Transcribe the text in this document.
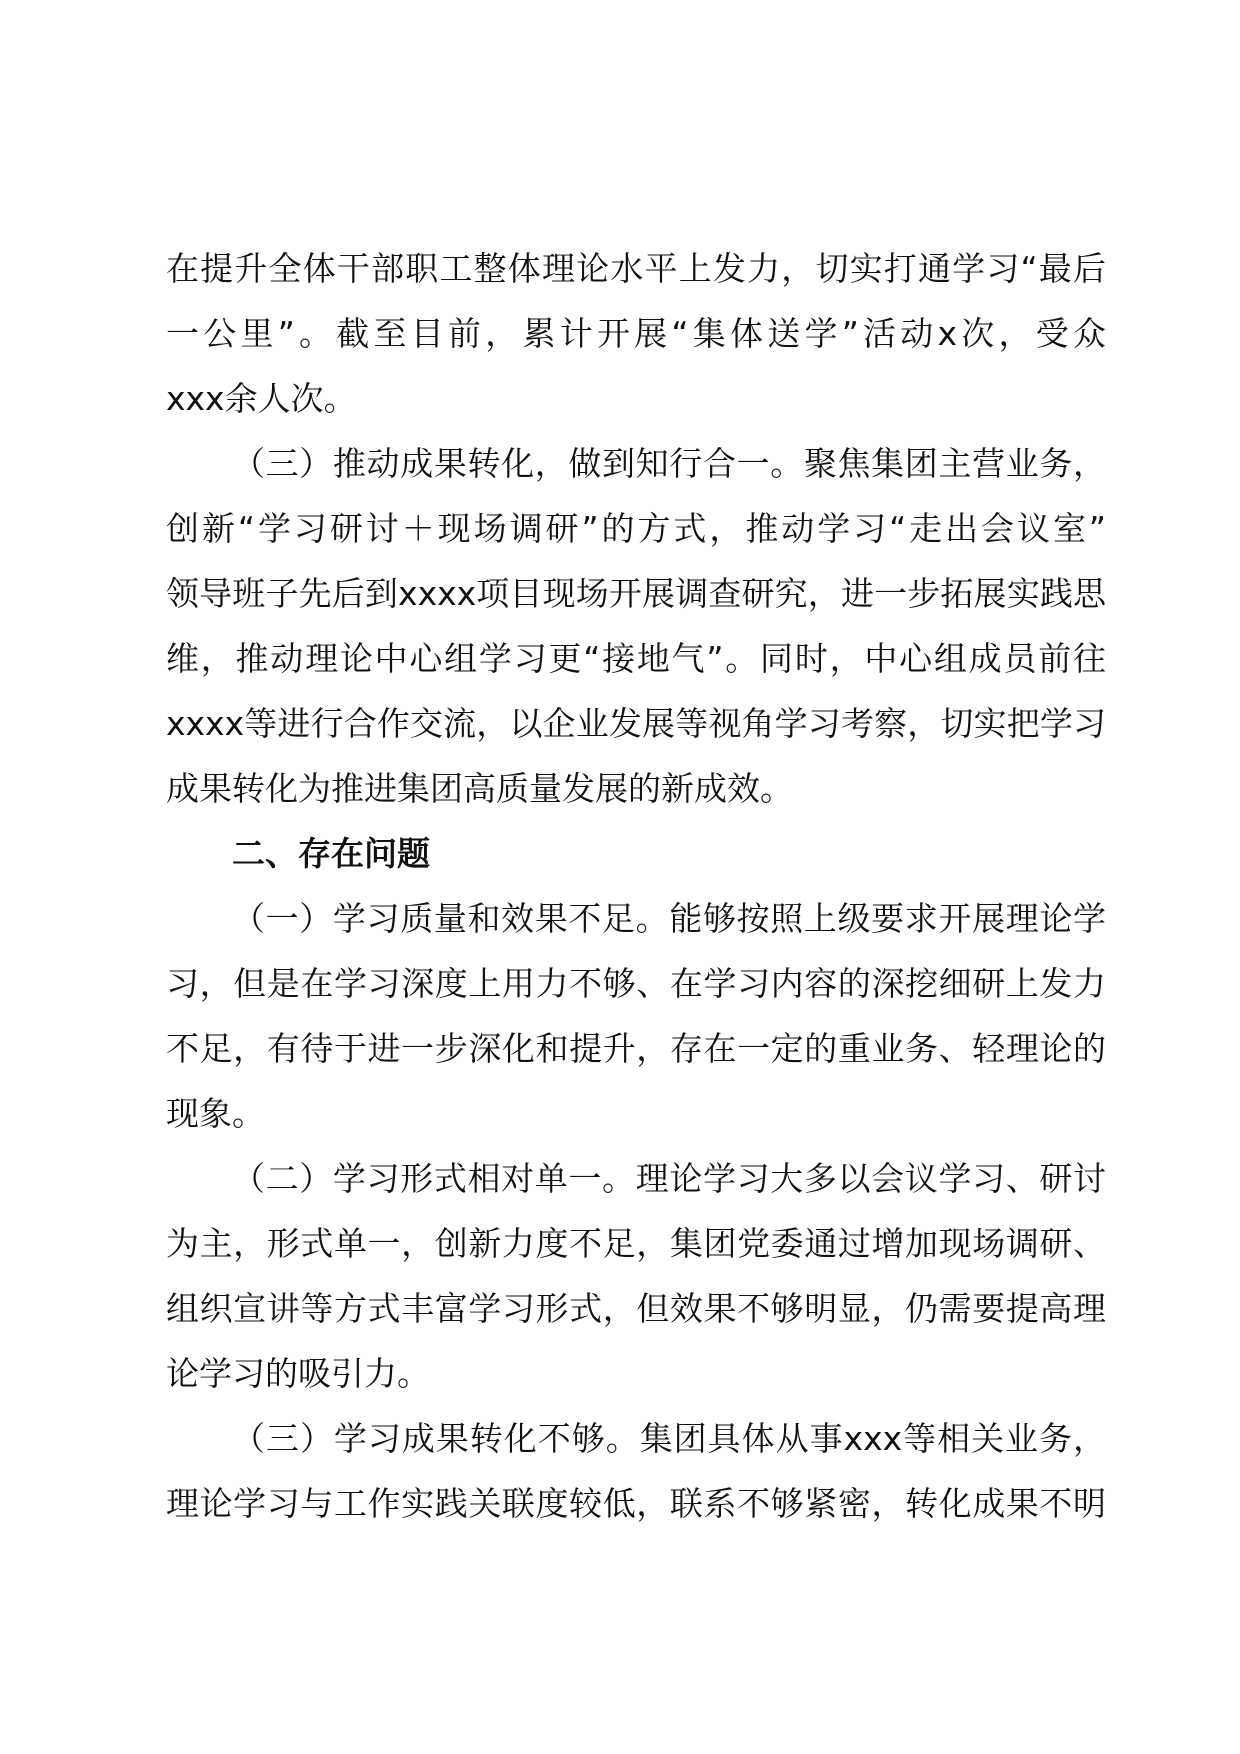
在提升全体干部职工整体理论水平上发力，切实打通学习“最后
一公里”。截至目前，累计开展“集体送学”活动x次，受众
xxx余人次。
（三）推动成果转化，做到知行合一。聚焦集团主营业务，
创新“学习研讨＋现场调研”的方式，推动学习“走出会议室”
领导班子先后到xxxx项目现场开展调查研究，进一步拓展实践思
维，推动理论中心组学习更“接地气”。同时，中心组成员前往
xxxx等进行合作交流，以企业发展等视角学习考察，切实把学习
成果转化为推进集团高质量发展的新成效。
二、存在问题
（一）学习质量和效果不足。能够按照上级要求开展理论学
习，但是在学习深度上用力不够、在学习内容的深挖细研上发力
不足，有待于进一步深化和提升，存在一定的重业务、轻理论的
现象。
（二）学习形式相对单一。理论学习大多以会议学习、研讨
为主，形式单一，创新力度不足，集团党委通过增加现场调研、
组织宣讲等方式丰富学习形式，但效果不够明显，仍需要提高理
论学习的吸引力。
（三）学习成果转化不够。集团具体从事xxx等相关业务，
理论学习与工作实践关联度较低，联系不够紧密，转化成果不明
